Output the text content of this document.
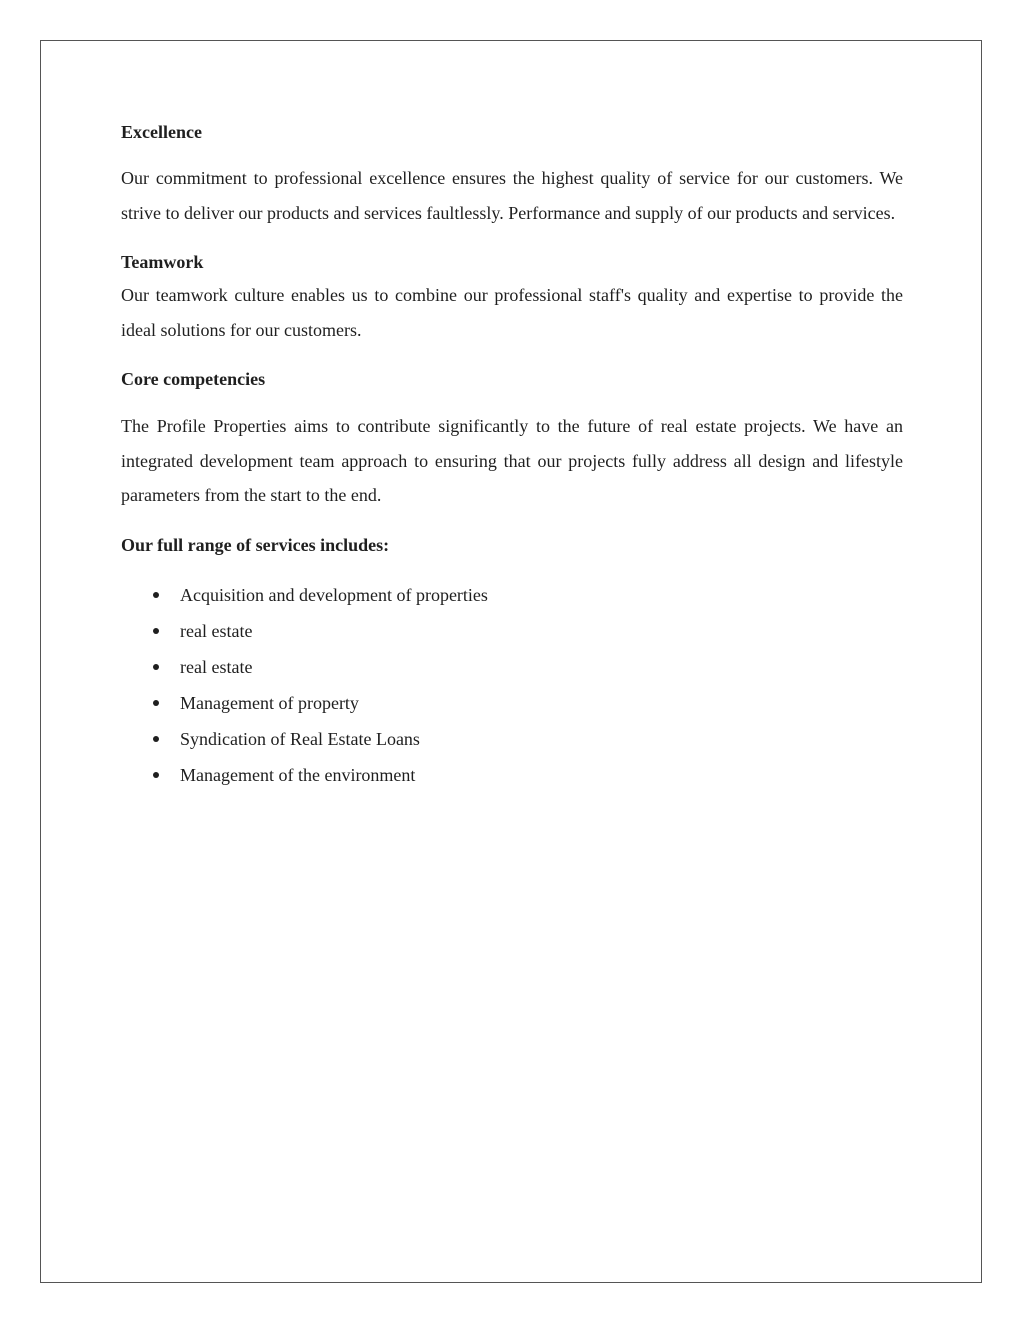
Excellence

Our commitment to professional excellence ensures the highest quality of service for our customers. We strive to deliver our products and services faultlessly. Performance and supply of our products and services.

Teamwork

Our teamwork culture enables us to combine our professional staff's quality and expertise to provide the ideal solutions for our customers.

Core competencies

The Profile Properties aims to contribute significantly to the future of real estate projects. We have an integrated development team approach to ensuring that our projects fully address all design and lifestyle parameters from the start to the end.

Our full range of services includes:
Acquisition and development of properties
real estate
real estate
Management of property
Syndication of Real Estate Loans
Management of the environment
